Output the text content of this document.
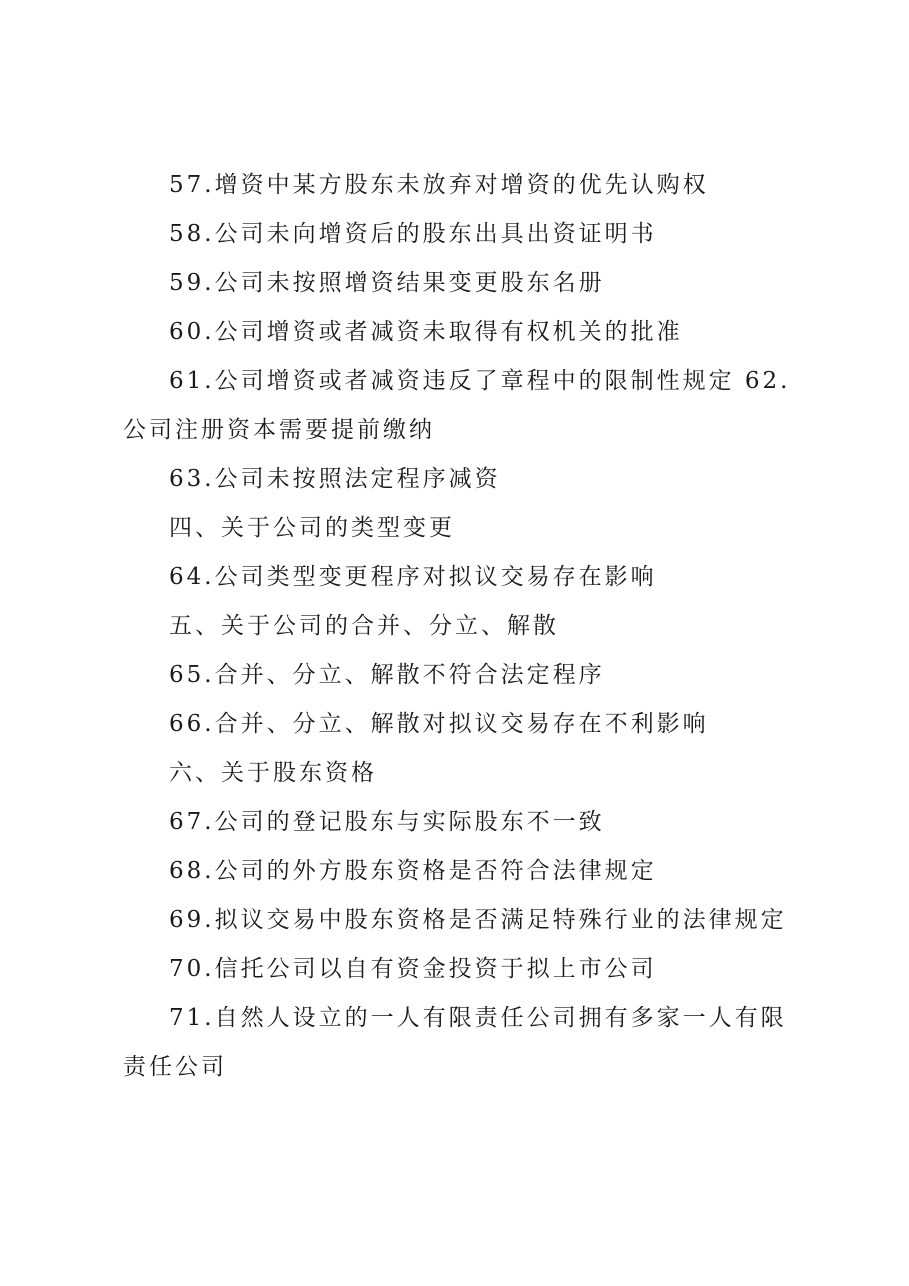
57.增资中某方股东未放弃对增资的优先认购权

58.公司未向增资后的股东出具出资证明书

59.公司未按照增资结果变更股东名册

60.公司增资或者减资未取得有权机关的批准

61.公司增资或者减资违反了章程中的限制性规定 62.公司注册资本需要提前缴纳

63.公司未按照法定程序减资

四、关于公司的类型变更

64.公司类型变更程序对拟议交易存在影响

五、关于公司的合并、分立、解散

65.合并、分立、解散不符合法定程序

66.合并、分立、解散对拟议交易存在不利影响

六、关于股东资格

67.公司的登记股东与实际股东不一致

68.公司的外方股东资格是否符合法律规定

69.拟议交易中股东资格是否满足特殊行业的法律规定

70.信托公司以自有资金投资于拟上市公司

71.自然人设立的一人有限责任公司拥有多家一人有限责任公司
